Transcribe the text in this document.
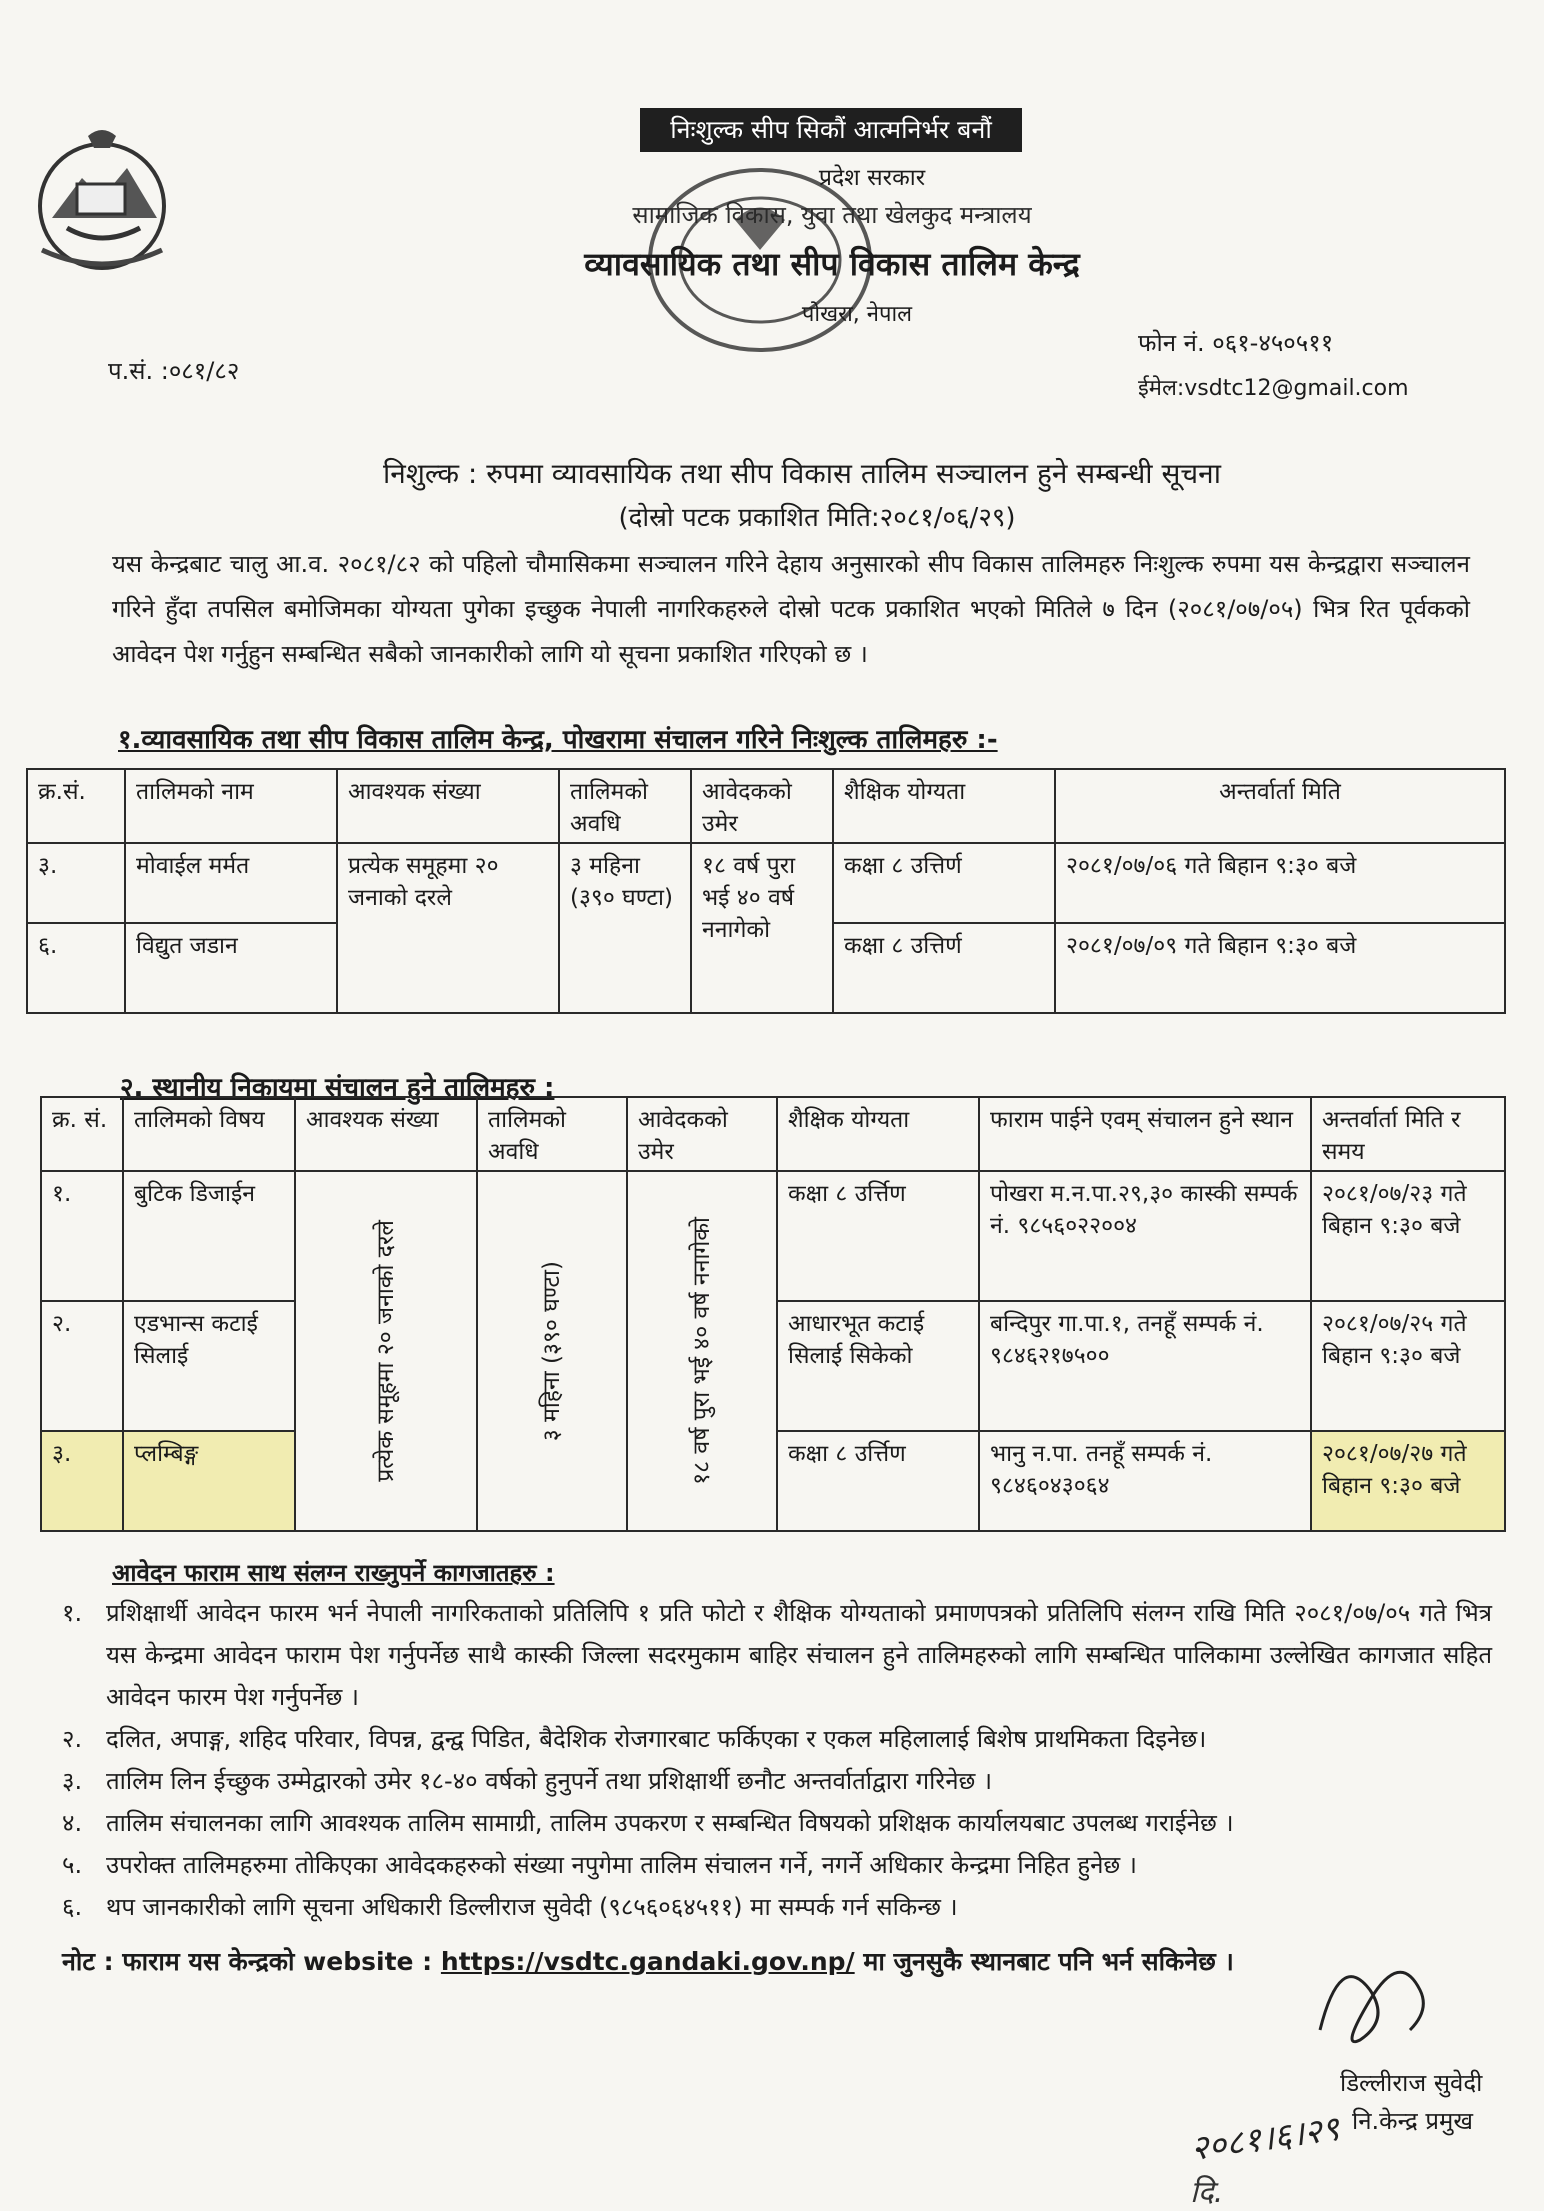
निःशुल्क सीप सिकौं आत्मनिर्भर बनौं
प्रदेश सरकार
सामाजिक विकास, युवा तथा खेलकुद मन्त्रालय
व्यावसायिक तथा सीप विकास तालिम केन्द्र
पोखरा, नेपाल
प.सं. :०८१/८२
फोन नं. ०६१-४५०५११
ईमेल:vsdtc12@gmail.com
निशुल्क : रुपमा व्यावसायिक तथा सीप विकास तालिम सञ्चालन हुने सम्बन्धी सूचना
(दोस्रो पटक प्रकाशित मिति:२०८१/०६/२९)
यस केन्द्रबाट चालु आ.व. २०८१/८२ को पहिलो चौमासिकमा सञ्चालन गरिने देहाय अनुसारको सीप विकास तालिमहरु निःशुल्क रुपमा यस केन्द्रद्वारा सञ्चालन गरिने हुँदा तपसिल बमोजिमका योग्यता पुगेका इच्छुक नेपाली नागरिकहरुले दोस्रो पटक प्रकाशित भएको मितिले ७ दिन (२०८१/०७/०५) भित्र रित पूर्वकको आवेदन पेश गर्नुहुन सम्बन्धित सबैको जानकारीको लागि यो सूचना प्रकाशित गरिएको छ ।
१.व्यावसायिक तथा सीप विकास तालिम केन्द्र, पोखरामा संचालन गरिने निःशुल्क तालिमहरु :-
क्र.सं.	तालिमको नाम	आवश्यक संख्या	तालिमको अवधि	आवेदकको उमेर	शैक्षिक योग्यता	अन्तर्वार्ता मिति
३.	मोवाईल मर्मत	प्रत्येक समूहमा २० जनाको दरले	३ महिना (३९० घण्टा)	१८ वर्ष पुरा भई ४० वर्ष ननागेको	कक्षा ८ उत्तिर्ण	२०८१/०७/०६ गते बिहान ९:३० बजे
६.	विद्युत जडान				कक्षा ८ उत्तिर्ण	२०८१/०७/०९ गते बिहान ९:३० बजे
२. स्थानीय निकायमा संचालन हुने तालिमहरु :
क्र. सं.	तालिमको विषय	आवश्यक संख्या	तालिमको अवधि	आवेदकको उमेर	शैक्षिक योग्यता	फाराम पाईने एवम् संचालन हुने स्थान	अन्तर्वार्ता मिति र समय
१.	बुटिक डिजाईन	प्रत्येक समूहमा २० जनाको दरले	३ महिना (३९० घण्टा)	१८ वर्ष पुरा भई ४० वर्ष ननागेको	कक्षा ८ उर्त्तिण	पोखरा म.न.पा.२९,३० कास्की सम्पर्क नं. ९८५६०२२००४	२०८१/०७/२३ गते बिहान ९:३० बजे
२.	एडभान्स कटाई सिलाई				आधारभूत कटाई सिलाई सिकेको	बन्दिपुर गा.पा.१, तनहूँ सम्पर्क नं. ९८४६२१७५००	२०८१/०७/२५ गते बिहान ९:३० बजे
३.	प्लम्बिङ्ग				कक्षा ८ उर्त्तिण	भानु न.पा. तनहूँ सम्पर्क नं. ९८४६०४३०६४	२०८१/०७/२७ गते बिहान ९:३० बजे
आवेदन फाराम साथ संलग्न राख्नुपर्ने कागजातहरु :
१. प्रशिक्षार्थी आवेदन फारम भर्न नेपाली नागरिकताको प्रतिलिपि १ प्रति फोटो र शैक्षिक योग्यताको प्रमाणपत्रको प्रतिलिपि संलग्न राखि मिति २०८१/०७/०५ गते भित्र यस केन्द्रमा आवेदन फाराम पेश गर्नुपर्नेछ साथै कास्की जिल्ला सदरमुकाम बाहिर संचालन हुने तालिमहरुको लागि सम्बन्धित पालिकामा उल्लेखित कागजात सहित आवेदन फारम पेश गर्नुपर्नेछ ।
२. दलित, अपाङ्ग, शहिद परिवार, विपन्न, द्वन्द्व पिडित, बैदेशिक रोजगारबाट फर्किएका र एकल महिलालाई बिशेष प्राथमिकता दिइनेछ।
३. तालिम लिन ईच्छुक उम्मेद्वारको उमेर १८-४० वर्षको हुनुपर्ने तथा प्रशिक्षार्थी छनौट अन्तर्वार्ताद्वारा गरिनेछ ।
४. तालिम संचालनका लागि आवश्यक तालिम सामाग्री, तालिम उपकरण र सम्बन्धित विषयको प्रशिक्षक कार्यालयबाट उपलब्ध गराईनेछ ।
५. उपरोक्त तालिमहरुमा तोकिएका आवेदकहरुको संख्या नपुगेमा तालिम संचालन गर्ने, नगर्ने अधिकार केन्द्रमा निहित हुनेछ ।
६. थप जानकारीको लागि सूचना अधिकारी डिल्लीराज सुवेदी (९८५६०६४५११) मा सम्पर्क गर्न सकिन्छ ।
नोट : फाराम यस केन्द्रको website : https://vsdtc.gandaki.gov.np/ मा जुनसुकै स्थानबाट पनि भर्न सकिनेछ ।
डिल्लीराज सुवेदी
नि.केन्द्र प्रमुख
२०८१।६।२९
दि.
